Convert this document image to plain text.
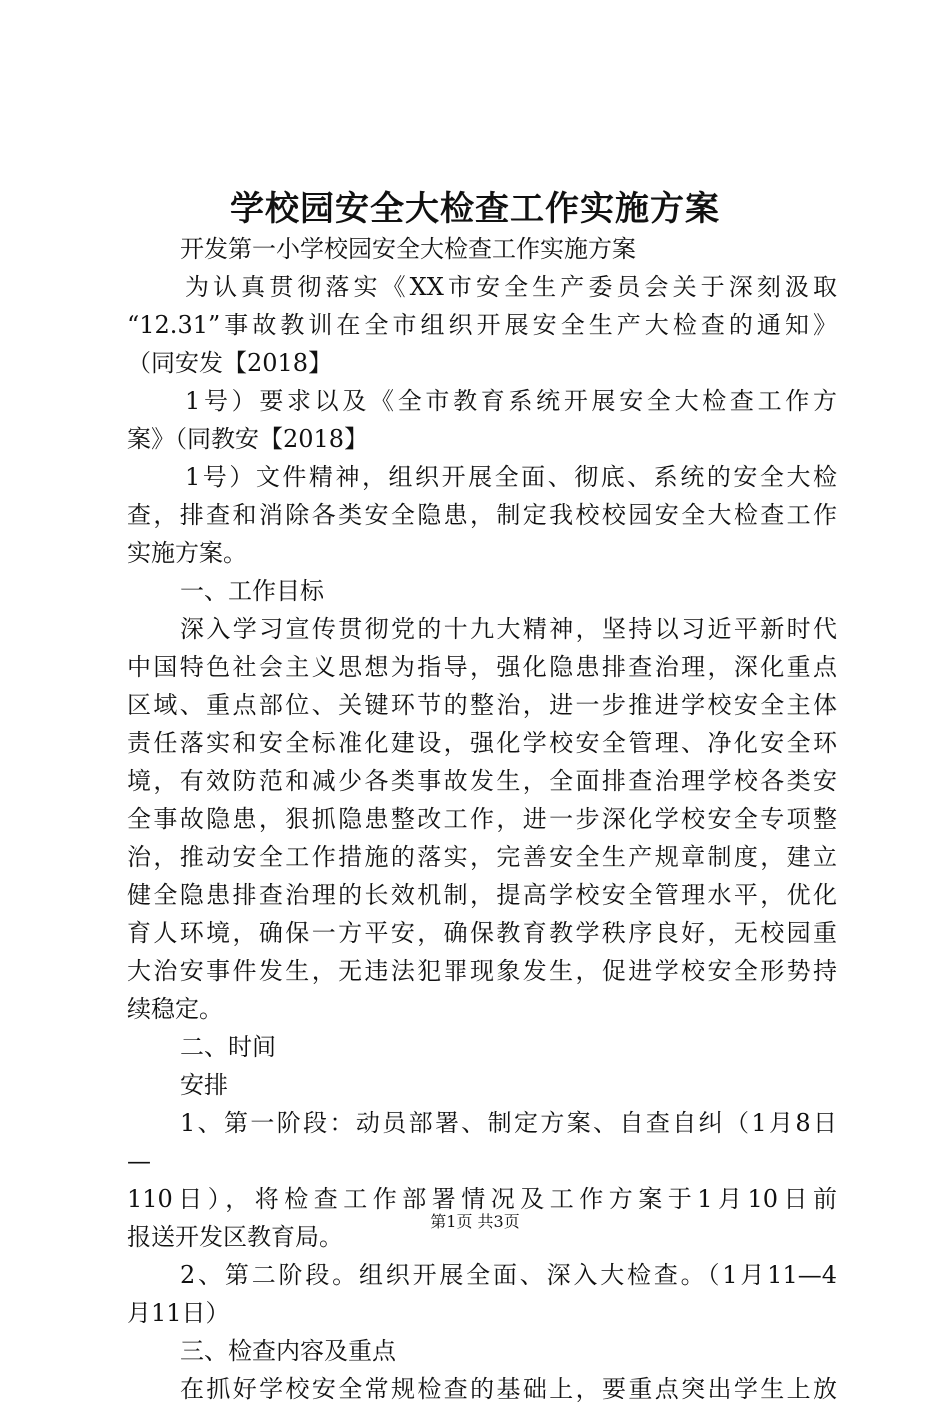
学校园安全大检查工作实施方案
开发第一小学校园安全大检查工作实施方案
为认真贯彻落实《XX市安全生产委员会关于深刻汲取
“12.31”事故教训在全市组织开展安全生产大检查的通知》
（同安发【2018】
1号）要求以及《全市教育系统开展安全大检查工作方
案》（同教安【2018】
1号）文件精神，组织开展全面、彻底、系统的安全大检
查，排查和消除各类安全隐患，制定我校校园安全大检查工作
实施方案。
一、工作目标
深入学习宣传贯彻党的十九大精神，坚持以习近平新时代
中国特色社会主义思想为指导，强化隐患排查治理，深化重点
区域、重点部位、关键环节的整治，进一步推进学校安全主体
责任落实和安全标准化建设，强化学校安全管理、净化安全环
境，有效防范和减少各类事故发生，全面排查治理学校各类安
全事故隐患，狠抓隐患整改工作，进一步深化学校安全专项整
治，推动安全工作措施的落实，完善安全生产规章制度，建立
健全隐患排查治理的长效机制，提高学校安全管理水平，优化
育人环境，确保一方平安，确保教育教学秩序良好，无校园重
大治安事件发生，无违法犯罪现象发生，促进学校安全形势持
续稳定。
二、时间
安排
1、第一阶段：动员部署、制定方案、自查自纠（1月8日
—
110日），将检查工作部署情况及工作方案于1月10日前
报送开发区教育局。
2、第二阶段。组织开展全面、深入大检查。（1月11—4
月11日）
三、检查内容及重点
在抓好学校安全常规检查的基础上，要重点突出学生上放
第1页 共3页
